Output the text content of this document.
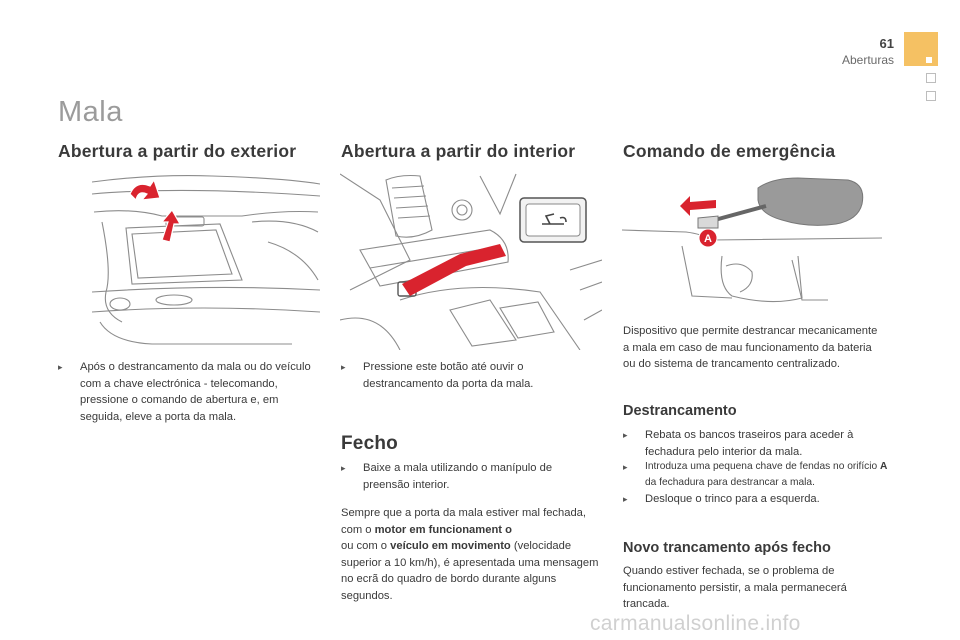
61
Aberturas
Mala
Abertura a partir do exterior
▸	Após o destrancamento da mala ou do veículo com a chave electrónica - telecomando, pressione o comando de abertura e, em seguida, eleve a porta da mala.
Abertura a partir do interior
▸	Pressione este botão até ouvir o destrancamento da porta da mala.
Fecho
▸	Baixe a mala utilizando o manípulo de preensão interior.
Sempre que a porta da mala estiver mal fechada, com o motor em funcionament o
ou com o veículo em movimento (velocidade superior a 10 km/h), é apresentada uma mensagem no ecrã do quadro de bordo durante alguns segundos.
Comando de emergência
A
Dispositivo que permite destrancar mecanicamente a mala em caso de mau funcionamento da bateria ou do sistema de trancamento centralizado.
Destrancamento
▸	Rebata os bancos traseiros para aceder à fechadura pelo interior da mala.
▸	Introduza uma pequena chave de fendas no orifício A da fechadura para destrancar a mala.
▸	Desloque o trinco para a esquerda.
Novo trancamento após fecho
Quando estiver fechada, se o problema de funcionamento persistir, a mala permanecerá trancada.
carmanualsonline.info
